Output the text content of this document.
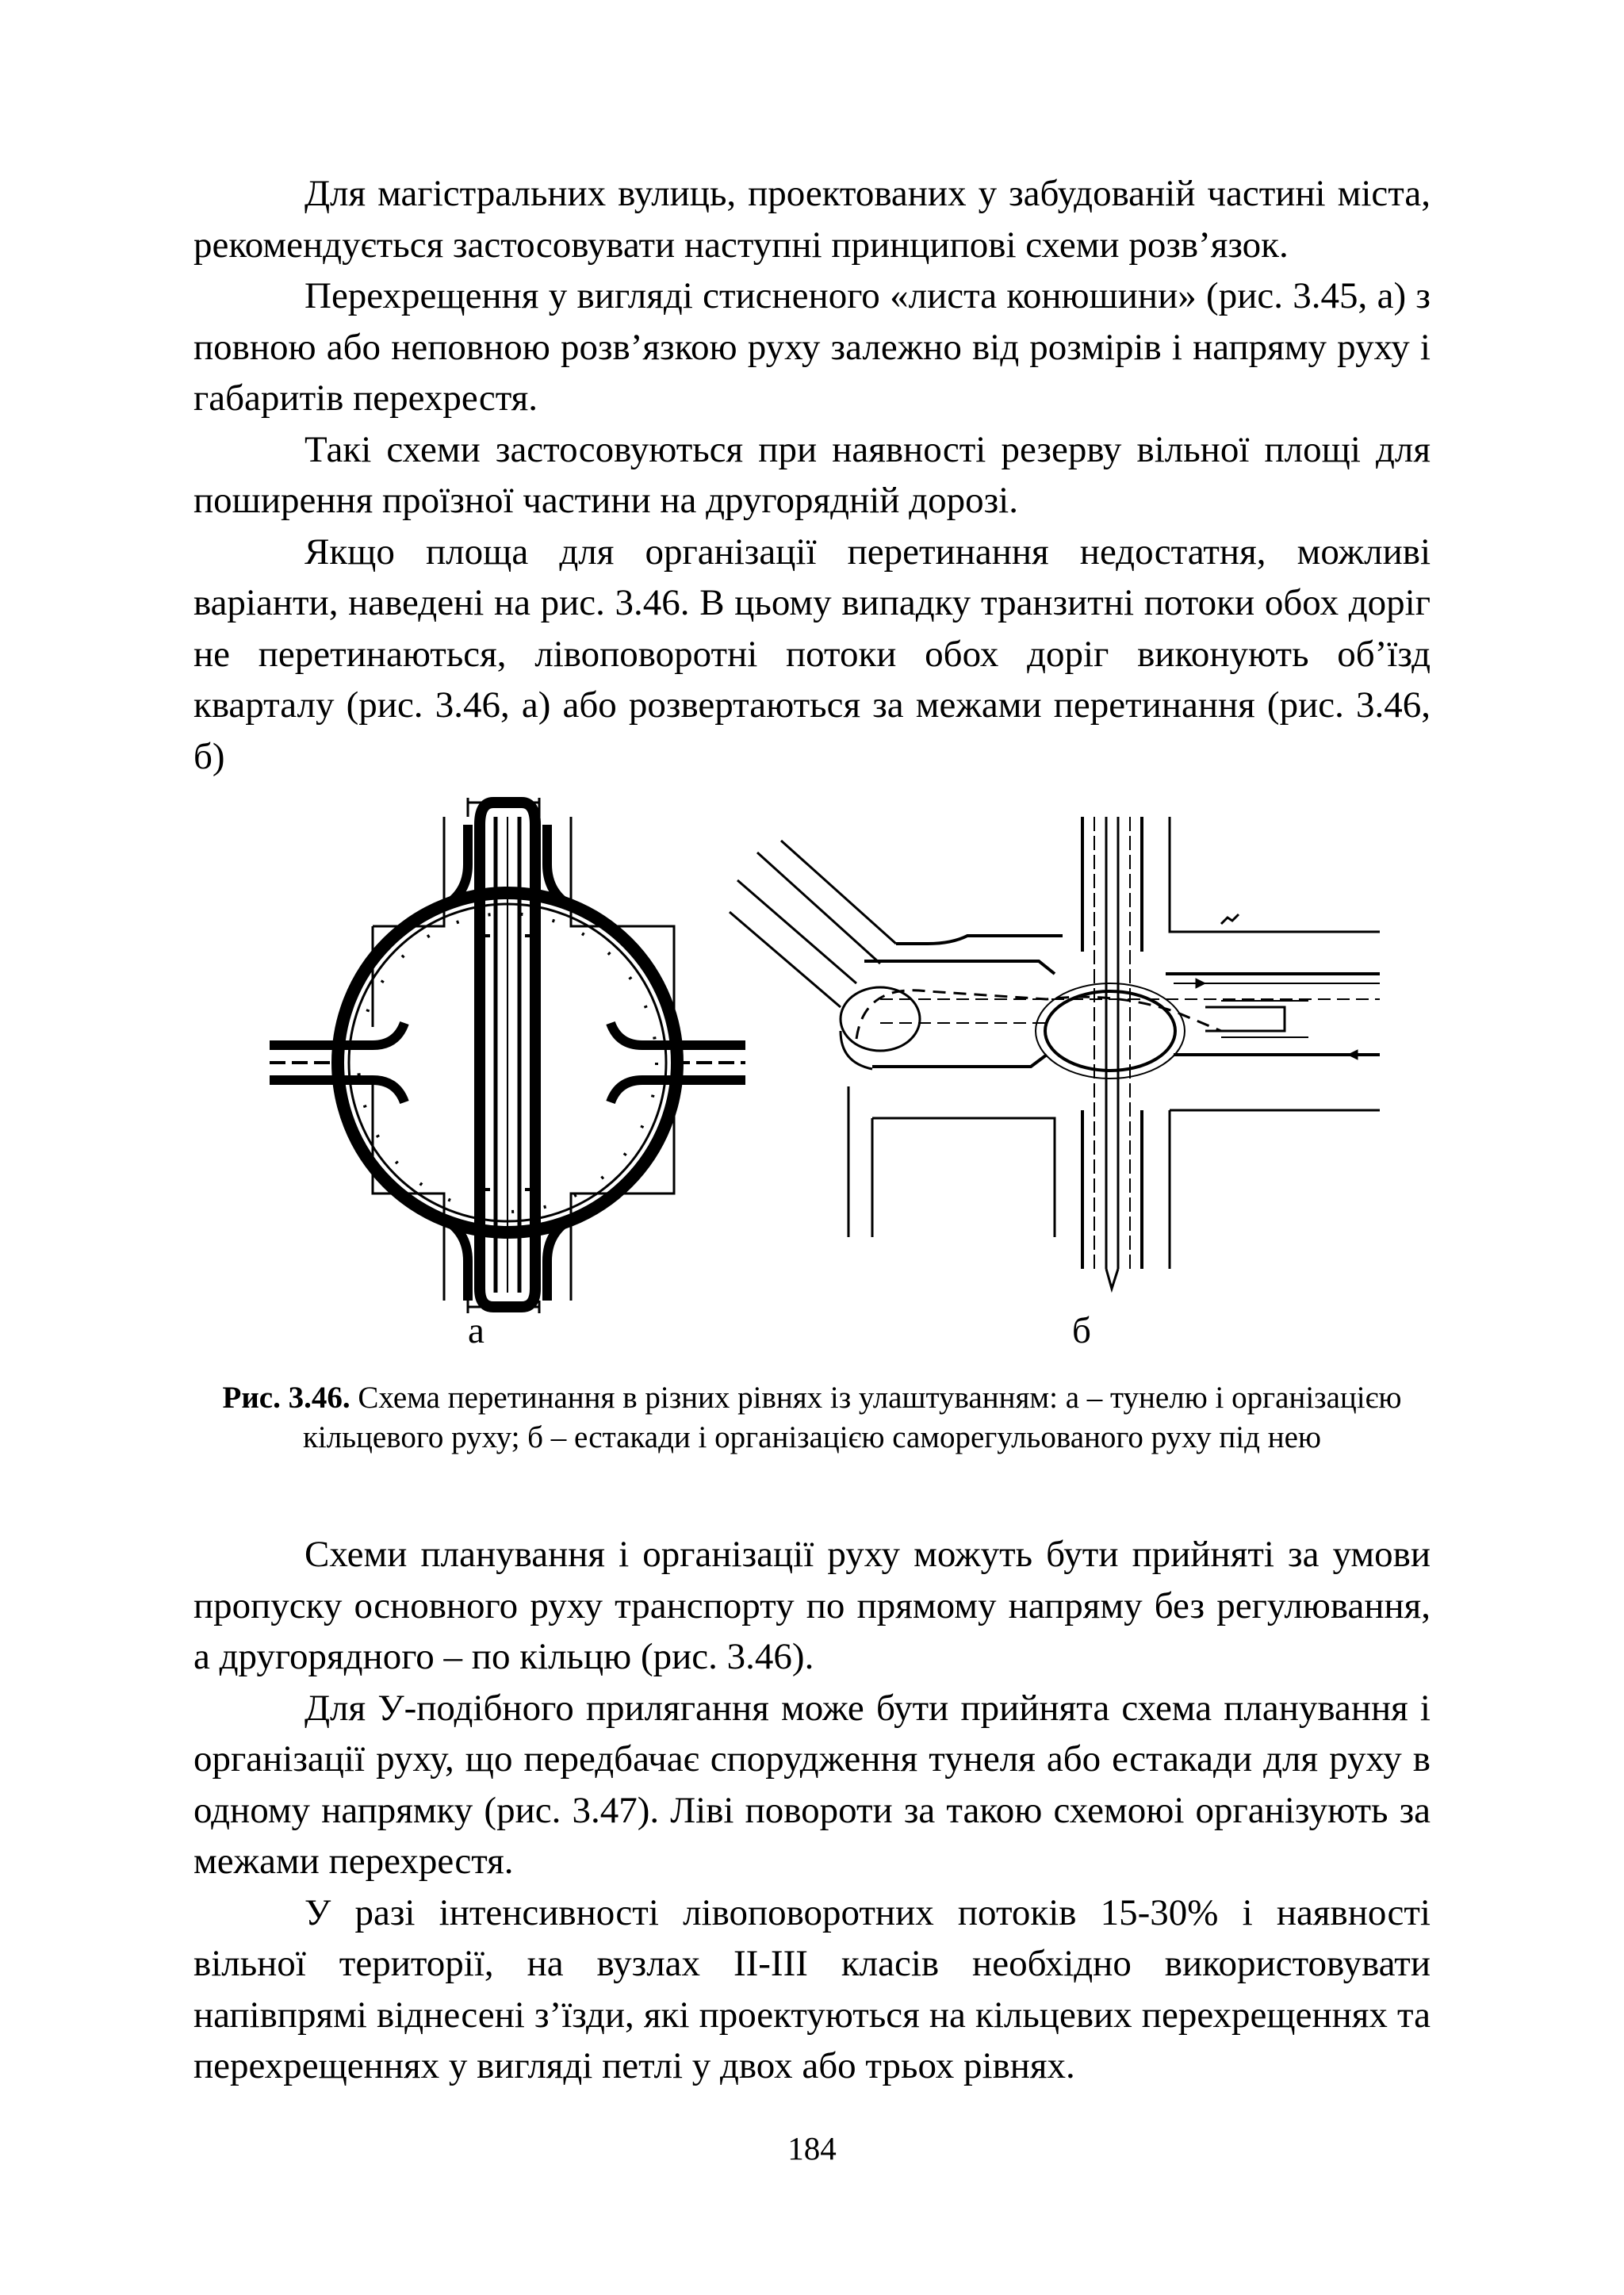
Для магістральних вулиць, проектованих у забудованій частині міста, рекомендується застосовувати наступні принципові схеми розв’язок.

Перехрещення у вигляді стисненого «листа конюшини» (рис. 3.45, а) з повною або неповною розв’язкою руху залежно від розмірів і напряму руху і габаритів перехрестя.

Такі схеми застосовуються при наявності резерву вільної площі для поширення проїзної частини на другорядній дорозі.

Якщо площа для організації перетинання недостатня, можливі варіанти, наведені на рис. 3.46. В цьому випадку транзитні потоки обох доріг не перетинаються, лівоповоротні потоки обох доріг виконують об’їзд кварталу (рис. 3.46, а) або розвертаються за межами перетинання (рис. 3.46, б)

а	б
Рис. 3.46. Схема перетинання в різних рівнях із улаштуванням: а – тунелю і організацією кільцевого руху; б – естакади і організацією саморегульованого руху під нею

Схеми планування і організації руху можуть бути прийняті за умови пропуску основного руху транспорту по прямому напряму без регулювання, а другорядного – по кільцю (рис. 3.46).

Для У-подібного прилягання може бути прийнята схема планування і організації руху, що передбачає спорудження тунеля або естакади для руху в одному напрямку (рис. 3.47). Ліві повороти за такою схемоюі організують за межами перехрестя.

У разі інтенсивності лівоповоротних потоків 15-30% і наявності вільної території, на вузлах ІІ-ІІІ класів необхідно використовувати напівпрямі віднесені з’їзди, які проектуються на кільцевих перехрещеннях та перехрещеннях у вигляді петлі у двох або трьох рівнях.

184
